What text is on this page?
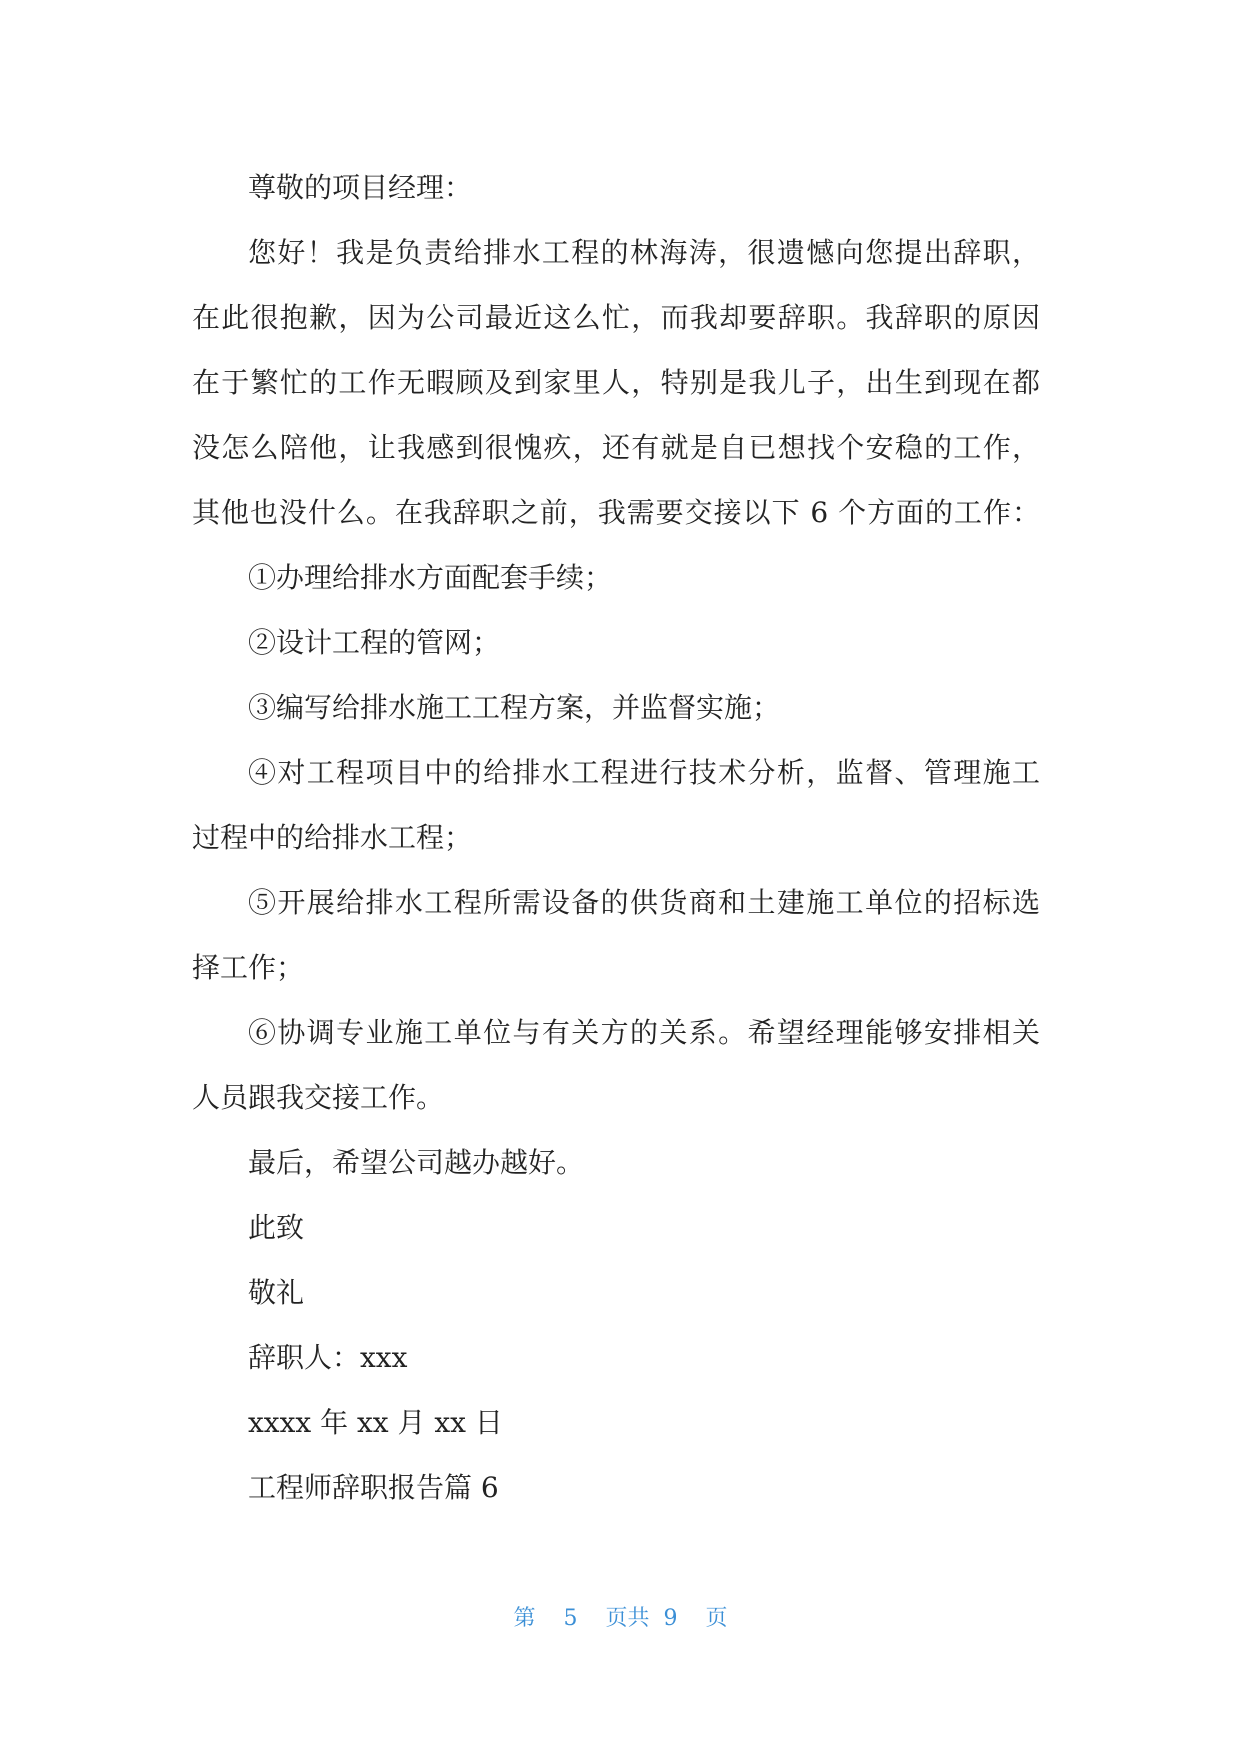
尊敬的项目经理：
您好！我是负责给排水工程的林海涛，很遗憾向您提出辞职，
在此很抱歉，因为公司最近这么忙，而我却要辞职。我辞职的原因
在于繁忙的工作无暇顾及到家里人，特别是我儿子，出生到现在都
没怎么陪他，让我感到很愧疚，还有就是自已想找个安稳的工作，
其他也没什么。在我辞职之前，我需要交接以下 6 个方面的工作：
①办理给排水方面配套手续；
②设计工程的管网；
③编写给排水施工工程方案，并监督实施；
④对工程项目中的给排水工程进行技术分析，监督、管理施工
过程中的给排水工程；
⑤开展给排水工程所需设备的供货商和土建施工单位的招标选
择工作；
⑥协调专业施工单位与有关方的关系。希望经理能够安排相关
人员跟我交接工作。
最后，希望公司越办越好。
此致
敬礼
辞职人：xxx
xxxx 年 xx 月 xx 日
工程师辞职报告篇 6
第 5 页共 9 页
